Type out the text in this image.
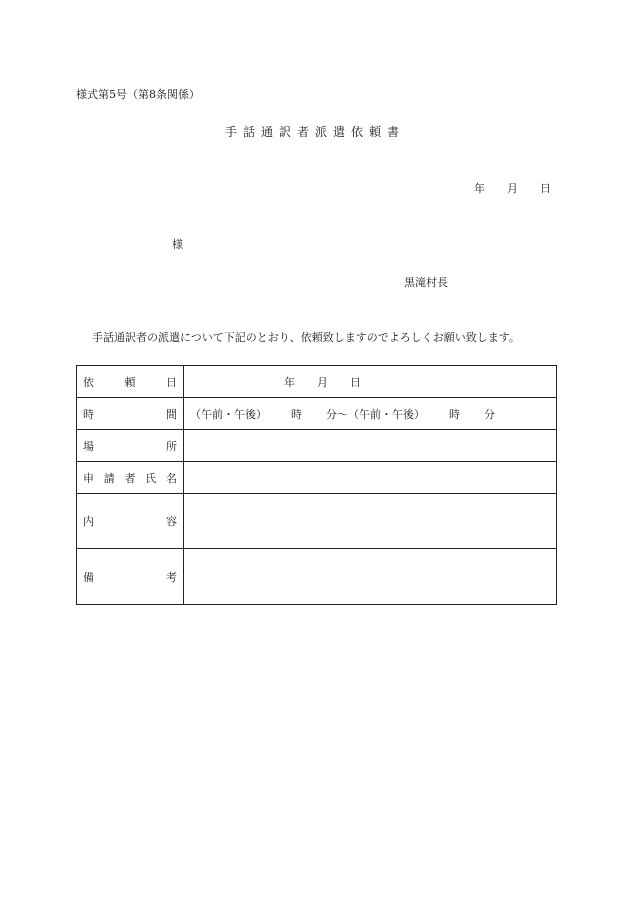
様式第5号（第8条関係）
手話通訳者派遣依頼書
年 月 日
様
黒滝村長
手話通訳者の派遣について下記のとおり、依頼致しますのでよろしくお願い致します。
依 頼 日	年 月 日

時 間	（午前・午後） 時 分～（午前・午後） 時 分

場 所	

申 請 者 氏 名	

内 容	

備 考	
